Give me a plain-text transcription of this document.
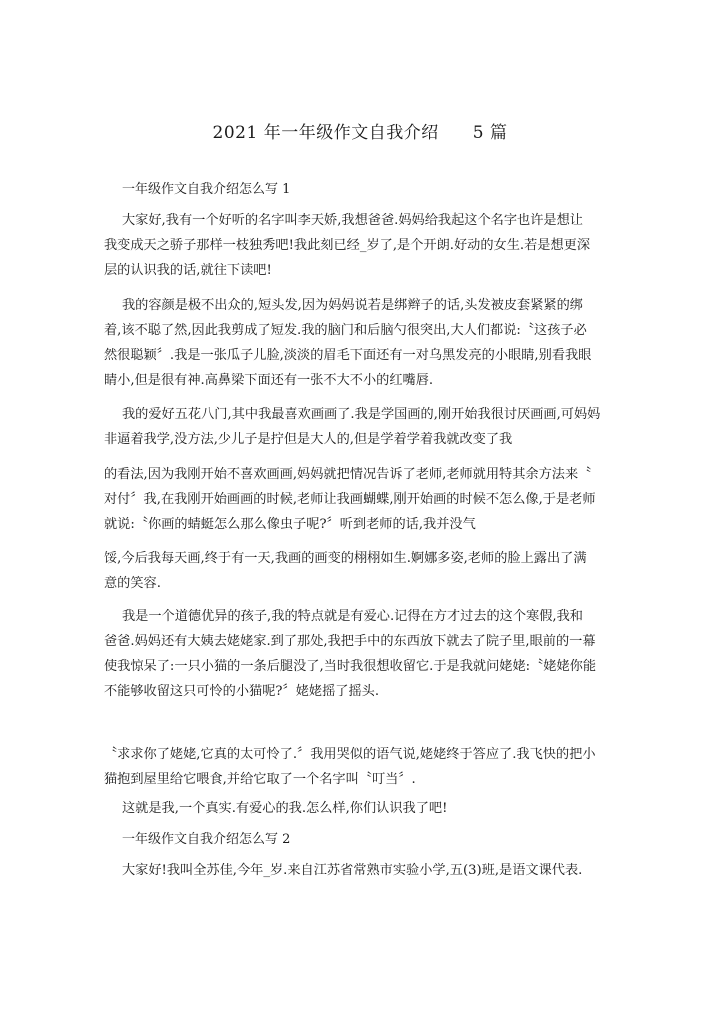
2021 年一年级作文自我介绍 5 篇
一年级作文自我介绍怎么写 1

大家好,我有一个好听的名字叫李天娇,我想爸爸.妈妈给我起这个名字也许是想让
我变成天之骄子那样一枝独秀吧!我此刻已经_岁了,是个开朗.好动的女生.若是想更深
层的认识我的话,就往下读吧!

我的容颜是极不出众的,短头发,因为妈妈说若是绑辫子的话,头发被皮套紧紧的绑
着,该不聪了然,因此我剪成了短发.我的脑门和后脑勺很突出,大人们都说:〝这孩子必
然很聪颖〞.我是一张瓜子儿脸,淡淡的眉毛下面还有一对乌黑发亮的小眼睛,别看我眼
睛小,但是很有神.高鼻梁下面还有一张不大不小的红嘴唇.

我的爱好五花八门,其中我最喜欢画画了.我是学国画的,刚开始我很讨厌画画,可妈妈
非逼着我学,没方法,少儿子是拧但是大人的,但是学着学着我就改变了我

的看法,因为我刚开始不喜欢画画,妈妈就把情况告诉了老师,老师就用特其余方法来〝
对付〞我,在我刚开始画画的时候,老师让我画蝴蝶,刚开始画的时候不怎么像,于是老师
就说:〝你画的蜻蜓怎么那么像虫子呢?〞听到老师的话,我并没气

馁,今后我每天画,终于有一天,我画的画变的栩栩如生.婀娜多姿,老师的脸上露出了满
意的笑容.

我是一个道德优异的孩子,我的特点就是有爱心.记得在方才过去的这个寒假,我和
爸爸.妈妈还有大姨去姥姥家.到了那处,我把手中的东西放下就去了院子里,眼前的一幕
使我惊呆了:一只小猫的一条后腿没了,当时我很想收留它.于是我就问姥姥:〝姥姥你能
不能够收留这只可怜的小猫呢?〞姥姥摇了摇头.

〝求求你了姥姥,它真的太可怜了.〞我用哭似的语气说,姥姥终于答应了.我飞快的把小
猫抱到屋里给它喂食,并给它取了一个名字叫〝叮当〞.

这就是我,一个真实.有爱心的我.怎么样,你们认识我了吧!

一年级作文自我介绍怎么写 2

大家好!我叫全苏佳,今年_岁.来自江苏省常熟市实验小学,五(3)班,是语文课代表.
